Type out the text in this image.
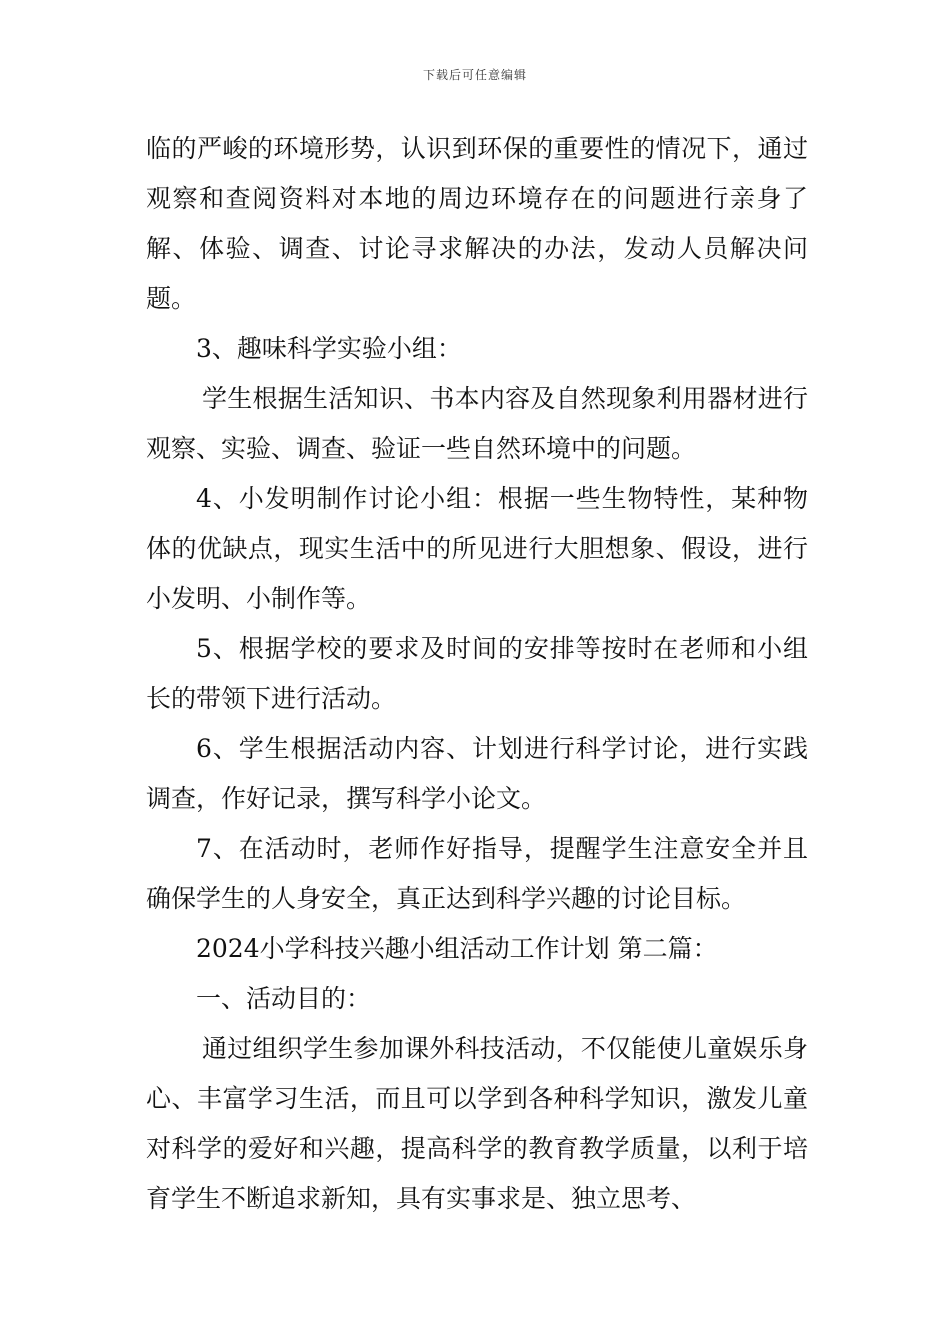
下载后可任意编辑

临的严峻的环境形势，认识到环保的重要性的情况下，通过观察和查阅资料对本地的周边环境存在的问题进行亲身了解、体验、调查、讨论寻求解决的办法，发动人员解决问题。

3、趣味科学实验小组：

学生根据生活知识、书本内容及自然现象利用器材进行观察、实验、调查、验证一些自然环境中的问题。

4、小发明制作讨论小组：根据一些生物特性，某种物体的优缺点，现实生活中的所见进行大胆想象、假设，进行小发明、小制作等。

5、根据学校的要求及时间的安排等按时在老师和小组长的带领下进行活动。

6、学生根据活动内容、计划进行科学讨论，进行实践调查，作好记录，撰写科学小论文。

7、在活动时，老师作好指导，提醒学生注意安全并且确保学生的人身安全，真正达到科学兴趣的讨论目标。

2024小学科技兴趣小组活动工作计划 第二篇：

一、活动目的：

通过组织学生参加课外科技活动，不仅能使儿童娱乐身心、丰富学习生活，而且可以学到各种科学知识，激发儿童对科学的爱好和兴趣，提高科学的教育教学质量，以利于培育学生不断追求新知，具有实事求是、独立思考、
